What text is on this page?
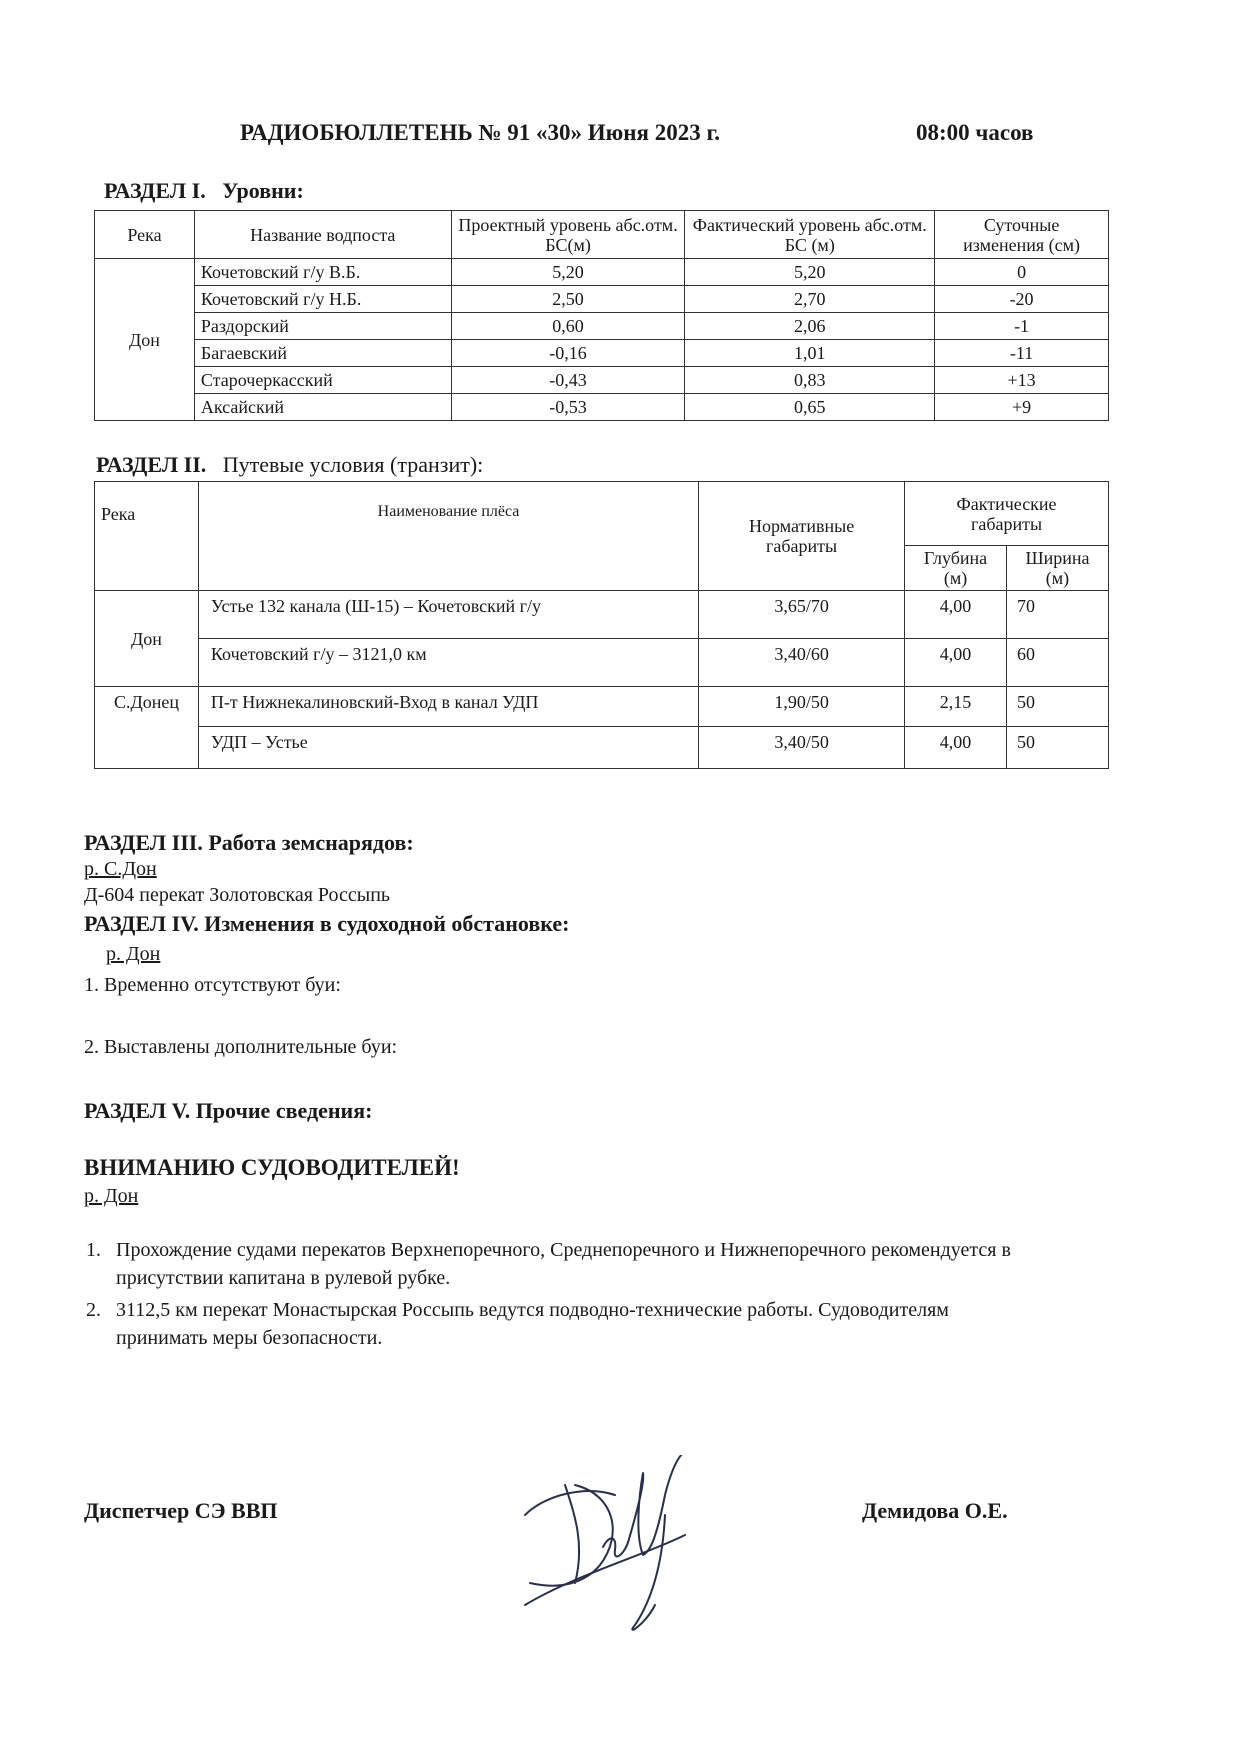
РАДИОБЮЛЛЕТЕНЬ № 91 «30» Июня 2023 г.	08:00 часов
РАЗДЕЛ I. Уровни:
Река	Название водпоста	Проектный уровень абс.отм. БС(м)	Фактический уровень абс.отм. БС (м)	Суточные изменения (см)
Дон	Кочетовский г/у В.Б.	5,20	5,20	0
	Кочетовский г/у Н.Б.	2,50	2,70	-20
	Раздорский	0,60	2,06	-1
	Багаевский	-0,16	1,01	-11
	Старочеркасский	-0,43	0,83	+13
	Аксайский	-0,53	0,65	+9
РАЗДЕЛ II. Путевые условия (транзит):
Река	Наименование плёса	Нормативные габариты	Фактические габариты	
			Глубина (м)	Ширина (м)
Дон	Устье 132 канала (Ш-15) – Кочетовский г/у	3,65/70	4,00	70
	Кочетовский г/у – 3121,0 км	3,40/60	4,00	60
С.Донец	П-т Нижнекалиновский-Вход в канал УДП	1,90/50	2,15	50
	УДП – Устье	3,40/50	4,00	50
РАЗДЕЛ III. Работа земснарядов:
р. С.Дон
Д-604 перекат Золотовская Россыпь
РАЗДЕЛ IV. Изменения в судоходной обстановке:
р. Дон
1. Временно отсутствуют буи:
2. Выставлены дополнительные буи:
РАЗДЕЛ V. Прочие сведения:
ВНИМАНИЮ СУДОВОДИТЕЛЕЙ!
р. Дон
1. Прохождение судами перекатов Верхнепоречного, Среднепоречного и Нижнепоречного рекомендуется в присутствии капитана в рулевой рубке.
2. 3112,5 км перекат Монастырская Россыпь ведутся подводно-технические работы. Судоводителям принимать меры безопасности.
Диспетчер СЭ ВВП	Демидова О.Е.
